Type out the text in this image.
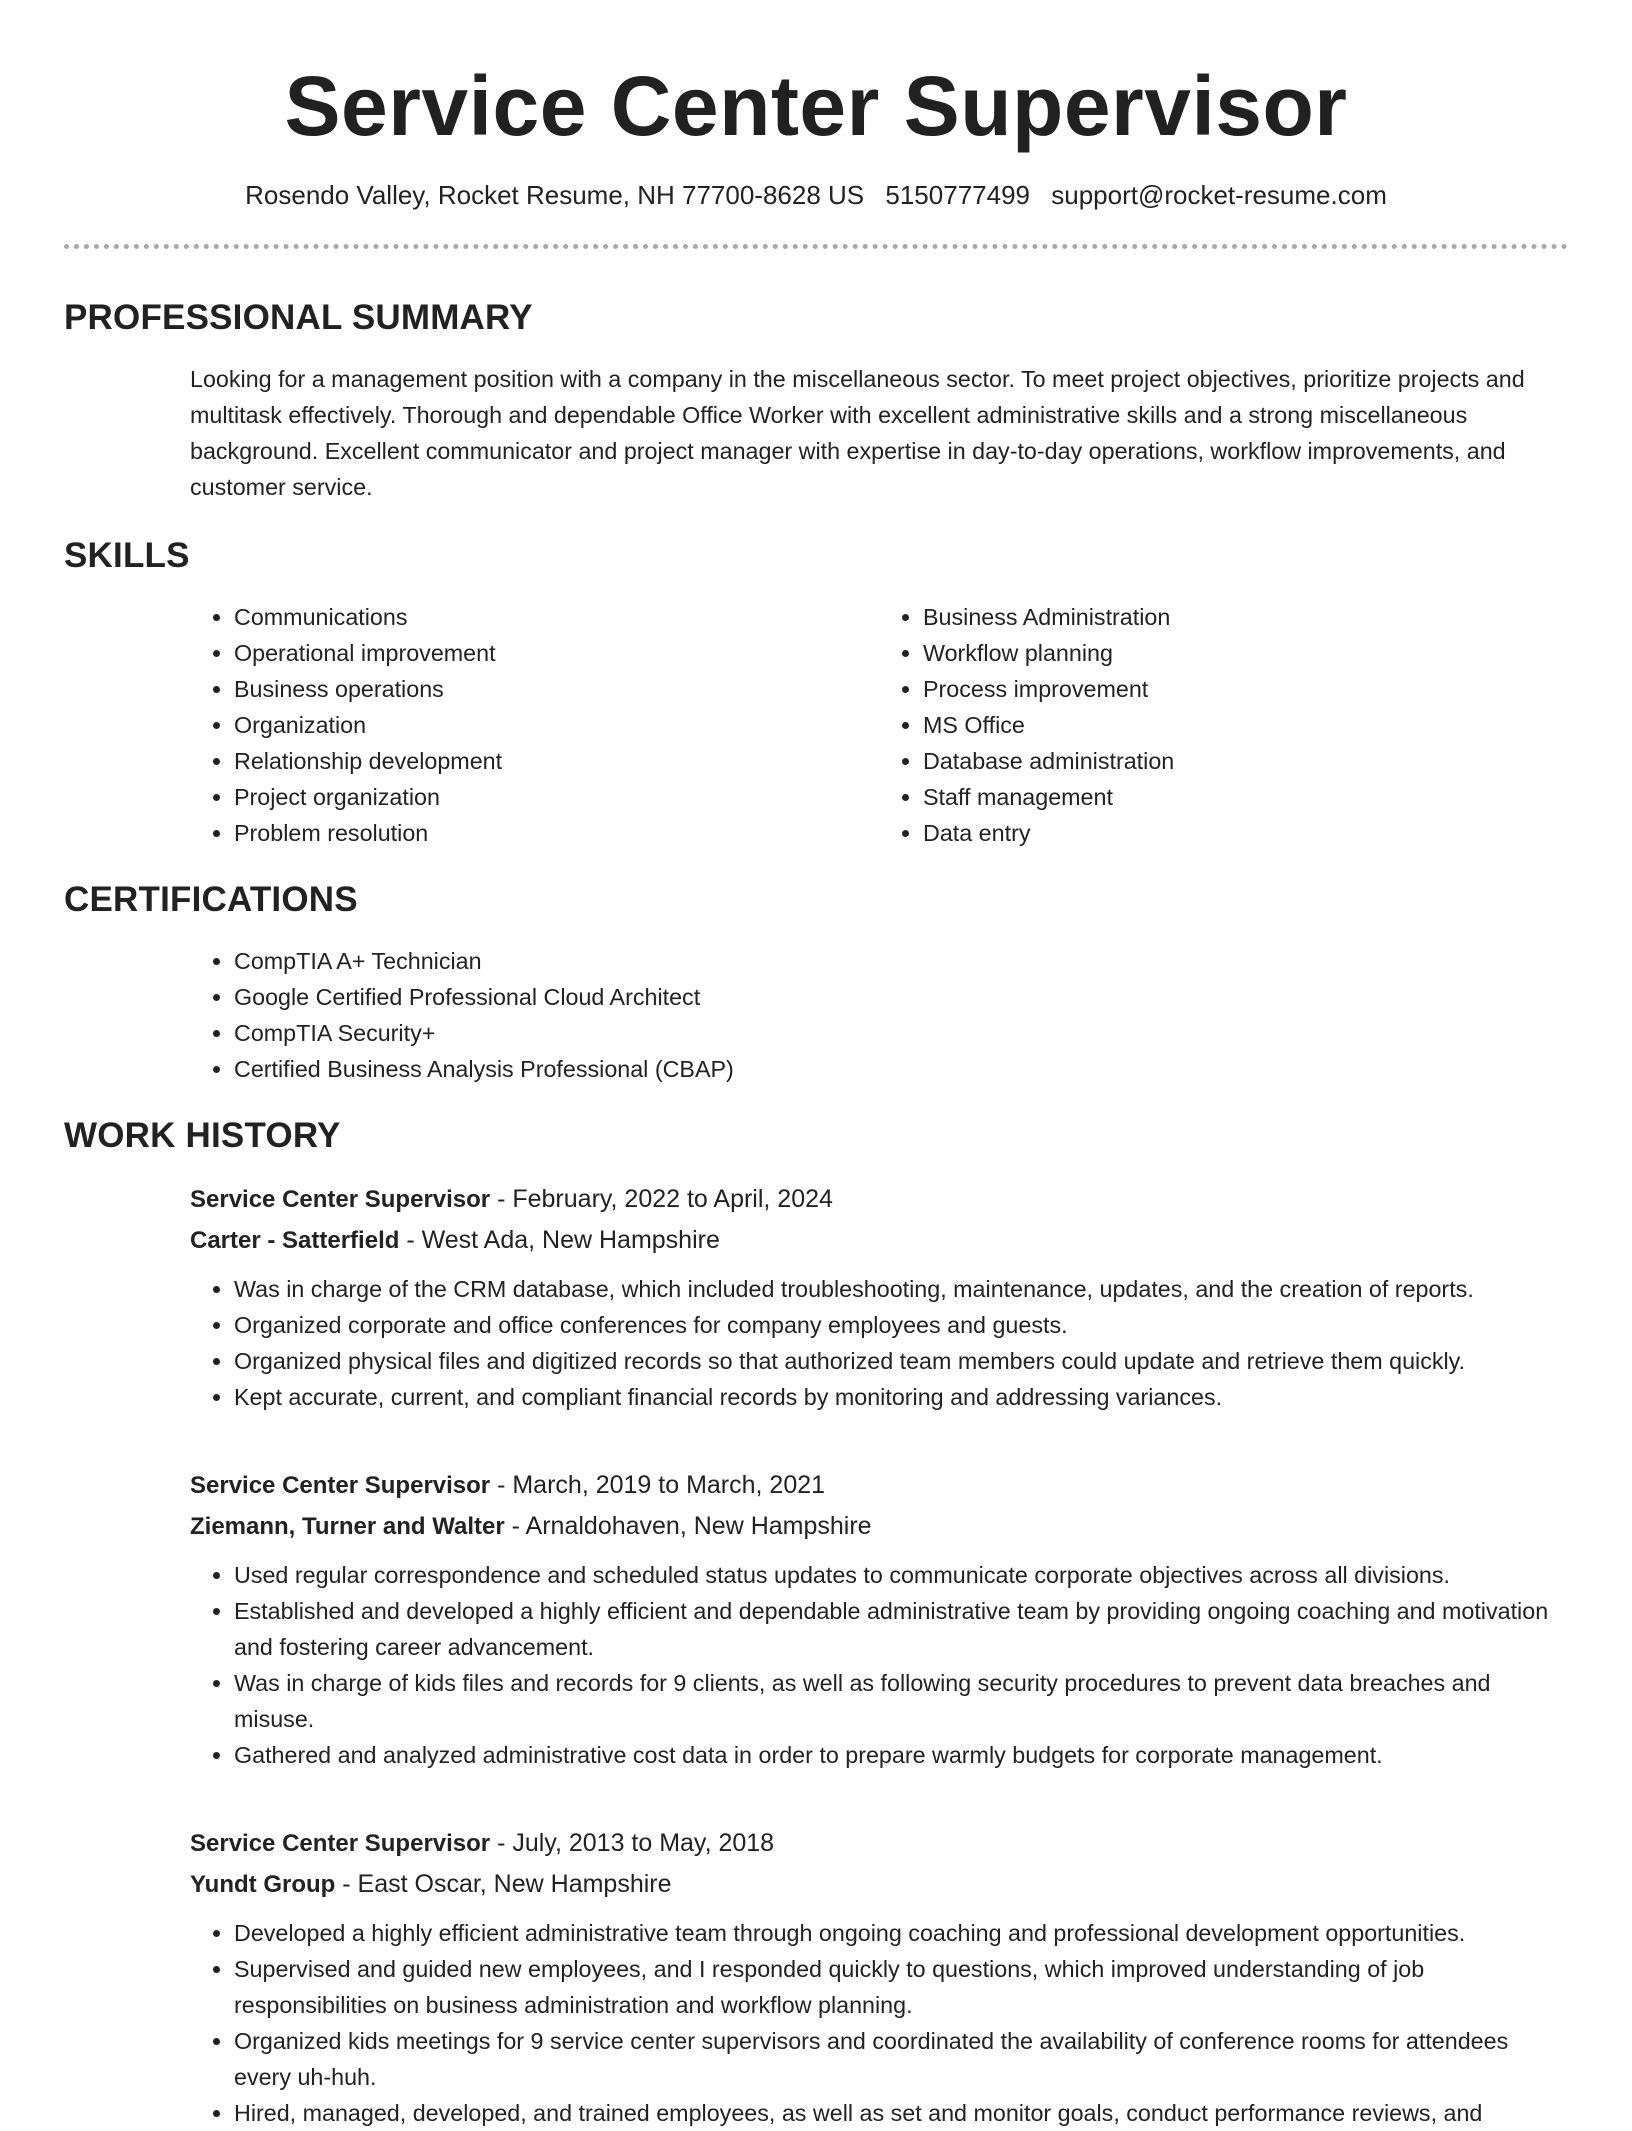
Service Center Supervisor
Rosendo Valley, Rocket Resume, NH 77700-8628 US 5150777499 support@rocket-resume.com
PROFESSIONAL SUMMARY
Looking for a management position with a company in the miscellaneous sector. To meet project objectives, prioritize projects and multitask effectively. Thorough and dependable Office Worker with excellent administrative skills and a strong miscellaneous background. Excellent communicator and project manager with expertise in day-to-day operations, workflow improvements, and customer service.
SKILLS
• Communications
• Operational improvement
• Business operations
• Organization
• Relationship development
• Project organization
• Problem resolution
• Business Administration
• Workflow planning
• Process improvement
• MS Office
• Database administration
• Staff management
• Data entry
CERTIFICATIONS
• CompTIA A+ Technician
• Google Certified Professional Cloud Architect
• CompTIA Security+
• Certified Business Analysis Professional (CBAP)
WORK HISTORY
Service Center Supervisor - February, 2022 to April, 2024
Carter - Satterfield - West Ada, New Hampshire
• Was in charge of the CRM database, which included troubleshooting, maintenance, updates, and the creation of reports.
• Organized corporate and office conferences for company employees and guests.
• Organized physical files and digitized records so that authorized team members could update and retrieve them quickly.
• Kept accurate, current, and compliant financial records by monitoring and addressing variances.
Service Center Supervisor - March, 2019 to March, 2021
Ziemann, Turner and Walter - Arnaldohaven, New Hampshire
• Used regular correspondence and scheduled status updates to communicate corporate objectives across all divisions.
• Established and developed a highly efficient and dependable administrative team by providing ongoing coaching and motivation and fostering career advancement.
• Was in charge of kids files and records for 9 clients, as well as following security procedures to prevent data breaches and misuse.
• Gathered and analyzed administrative cost data in order to prepare warmly budgets for corporate management.
Service Center Supervisor - July, 2013 to May, 2018
Yundt Group - East Oscar, New Hampshire
• Developed a highly efficient administrative team through ongoing coaching and professional development opportunities.
• Supervised and guided new employees, and I responded quickly to questions, which improved understanding of job responsibilities on business administration and workflow planning.
• Organized kids meetings for 9 service center supervisors and coordinated the availability of conference rooms for attendees every uh-huh.
• Hired, managed, developed, and trained employees, as well as set and monitor goals, conduct performance reviews, and
